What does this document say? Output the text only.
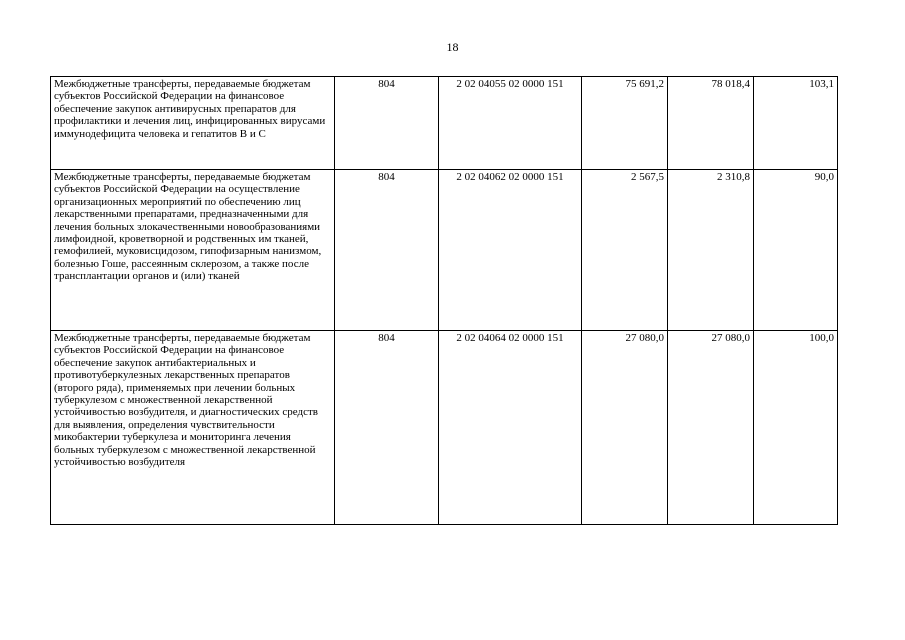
18
Межбюджетные трансферты, передаваемые бюджетам субъектов Российской Федерации на финансовое обеспечение закупок антивирусных препаратов для профилактики и лечения лиц, инфицированных вирусами иммунодефицита человека и гепатитов В и С	804	2 02 04055 02 0000 151	75 691,2	78 018,4	103,1
Межбюджетные трансферты, передаваемые бюджетам субъектов Российской Федерации на осуществление организационных мероприятий по обеспечению лиц лекарственными препаратами, предназначенными для лечения больных злокачественными новообразованиями лимфоидной, кроветворной и родственных им тканей, гемофилией, муковисцидозом, гипофизарным нанизмом, болезнью Гоше, рассеянным склерозом, а также после трансплантации органов и (или) тканей	804	2 02 04062 02 0000 151	2 567,5	2 310,8	90,0
Межбюджетные трансферты, передаваемые бюджетам субъектов Российской Федерации на финансовое обеспечение закупок антибактериальных и противотуберкулезных лекарственных препаратов (второго ряда), применяемых при лечении больных туберкулезом с множественной лекарственной устойчивостью возбудителя, и диагностических средств для выявления, определения чувствительности микобактерии туберкулеза и мониторинга лечения больных туберкулезом с множественной лекарственной устойчивостью возбудителя	804	2 02 04064 02 0000 151	27 080,0	27 080,0	100,0
